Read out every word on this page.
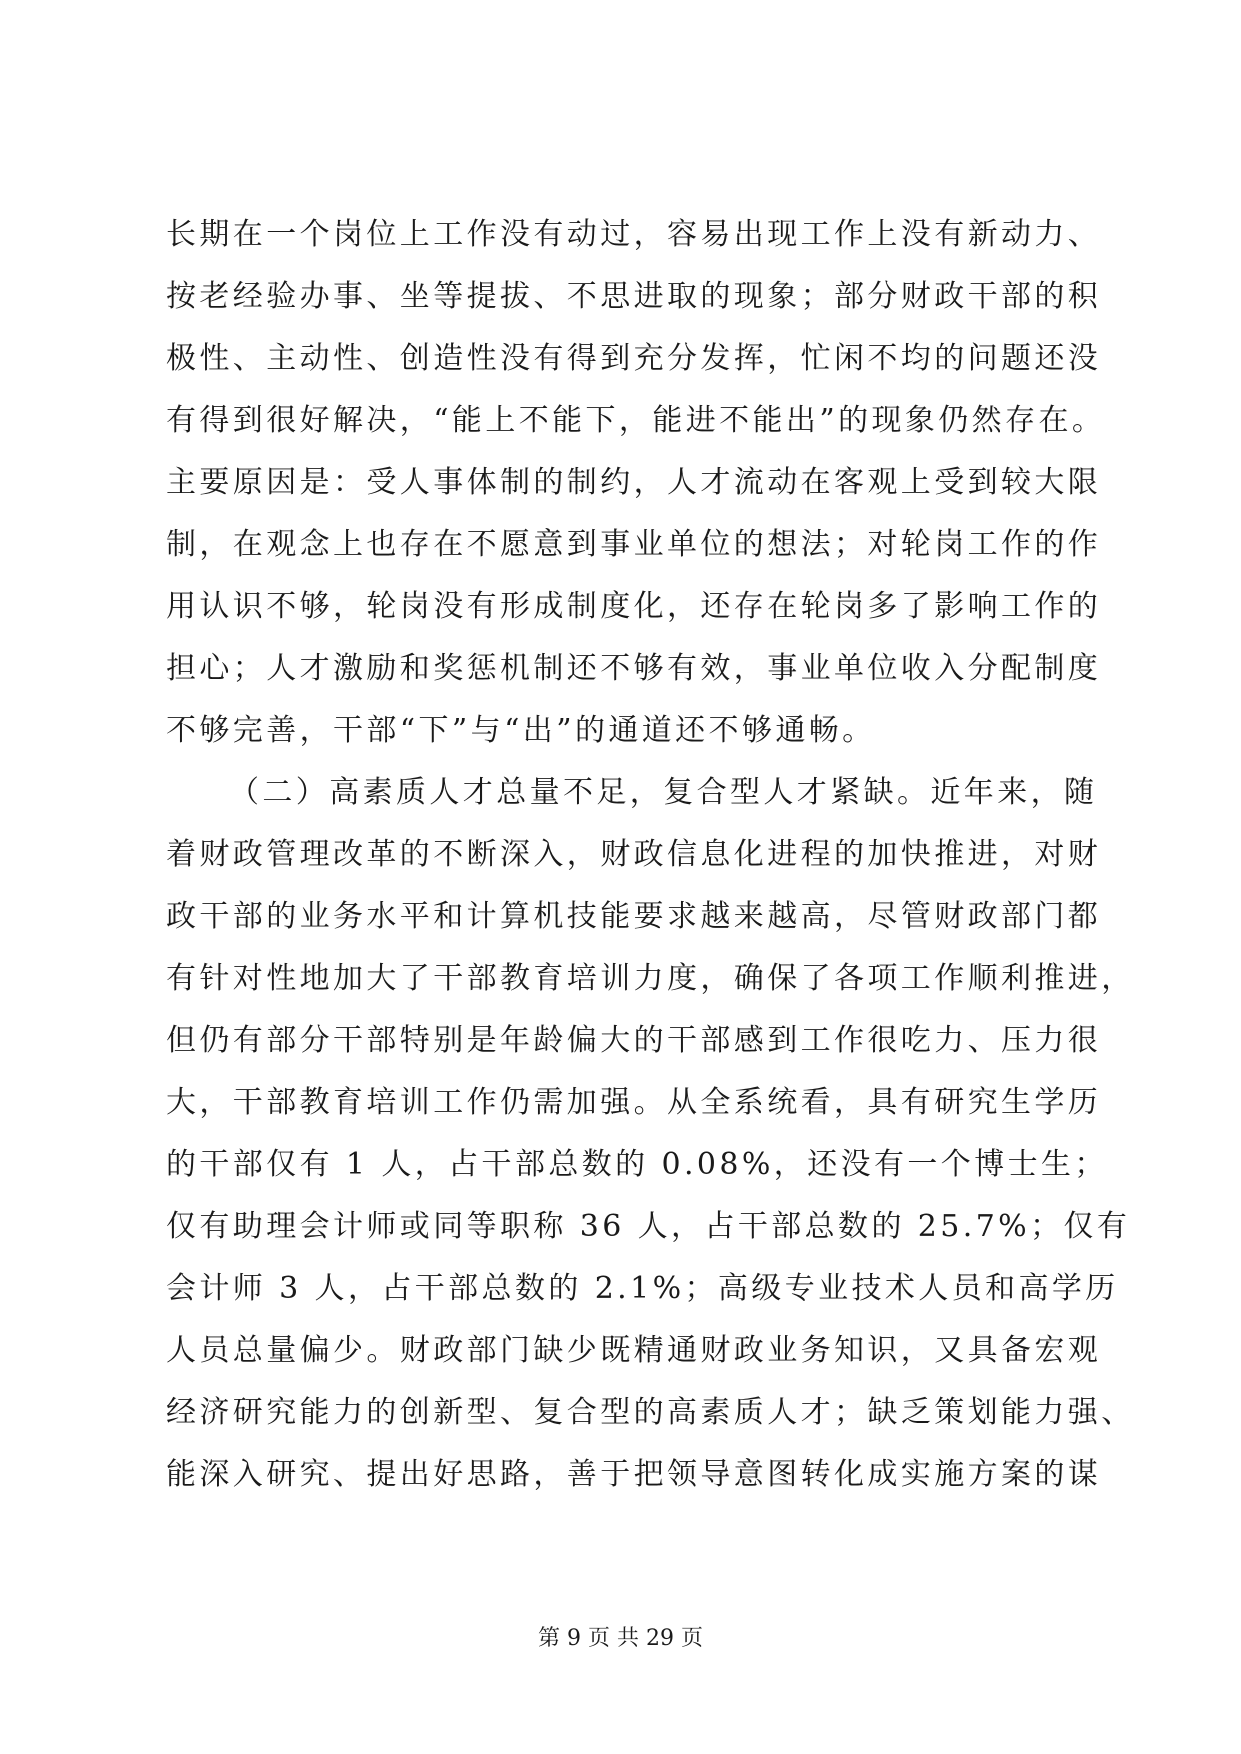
长期在一个岗位上工作没有动过，容易出现工作上没有新动力、
按老经验办事、坐等提拔、不思进取的现象；部分财政干部的积
极性、主动性、创造性没有得到充分发挥，忙闲不均的问题还没
有得到很好解决，“能上不能下，能进不能出”的现象仍然存在。
主要原因是：受人事体制的制约，人才流动在客观上受到较大限
制，在观念上也存在不愿意到事业单位的想法；对轮岗工作的作
用认识不够，轮岗没有形成制度化，还存在轮岗多了影响工作的
担心；人才激励和奖惩机制还不够有效，事业单位收入分配制度
不够完善，干部“下”与“出”的通道还不够通畅。
（二）高素质人才总量不足，复合型人才紧缺。近年来，随
着财政管理改革的不断深入，财政信息化进程的加快推进，对财
政干部的业务水平和计算机技能要求越来越高，尽管财政部门都
有针对性地加大了干部教育培训力度，确保了各项工作顺利推进，
但仍有部分干部特别是年龄偏大的干部感到工作很吃力、压力很
大，干部教育培训工作仍需加强。从全系统看，具有研究生学历
的干部仅有 1 人，占干部总数的 0.08%，还没有一个博士生；
仅有助理会计师或同等职称 36 人，占干部总数的 25.7%；仅有
会计师 3 人，占干部总数的 2.1%；高级专业技术人员和高学历
人员总量偏少。财政部门缺少既精通财政业务知识，又具备宏观
经济研究能力的创新型、复合型的高素质人才；缺乏策划能力强、
能深入研究、提出好思路，善于把领导意图转化成实施方案的谋
第 9 页 共 29 页
